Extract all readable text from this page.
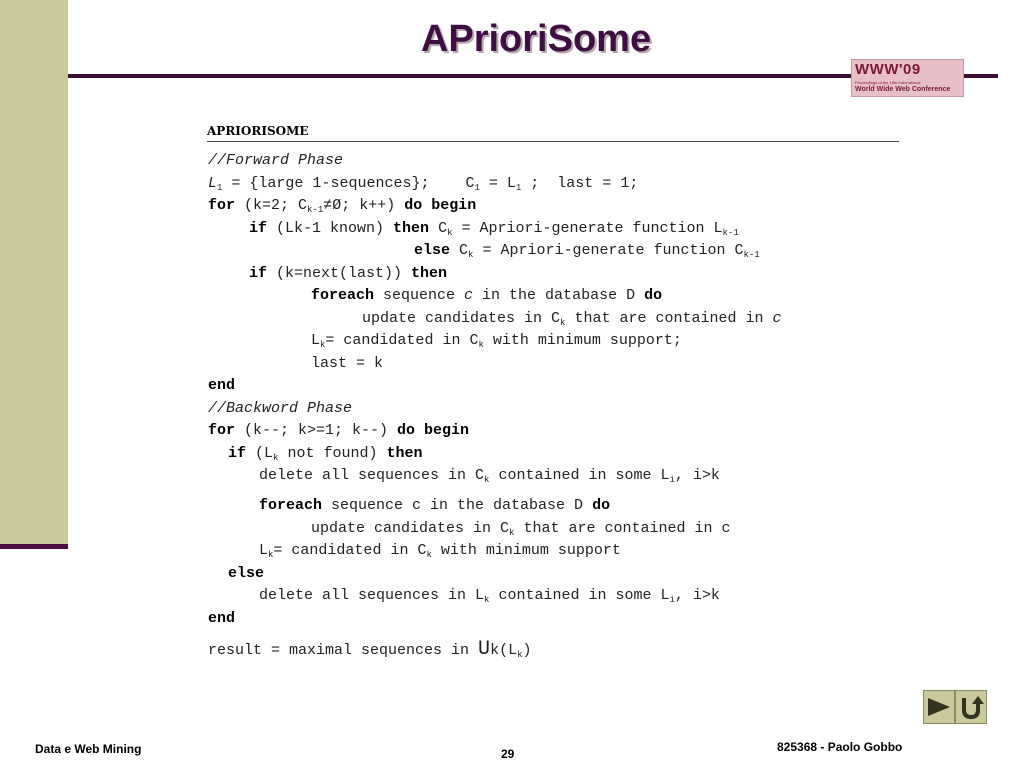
APrioriSome
WWW'09
Proceedings of the 18th International
World Wide Web Conference
APRIORISOME
//Forward Phase
$L_1$ = {large 1-sequences};    $C_1 = L_1$ ;  last = 1;
for (k=2; $C_{k-1}\ne Ø$; k++) do begin
if (Lk-1 known) then $C_k$ = Apriori-generate function $L_{k-1}$
else $C_k$ = Apriori-generate function $C_{k-1}$
if (k=next(last)) then
foreach sequence c in the database D do
update candidates in $C_k$ that are contained in c
$L_k=$ candidated in $C_k$ with minimum support;
last = k
end
//Backword Phase
for (k--; k>=1; k--) do begin
if ($L_k$ not found) then
delete all sequences in $C_k$ contained in some $L_i$, i>k
foreach sequence c in the database D do
update candidates in $C_k$ that are contained in c
$L_k=$ candidated in $C_k$ with minimum support
else
delete all sequences in $L_k$ contained in some $L_i$, i>k
end
result = maximal sequences in $Uk(L_k)$
Data e Web Mining	29	825368 - Paolo Gobbo
